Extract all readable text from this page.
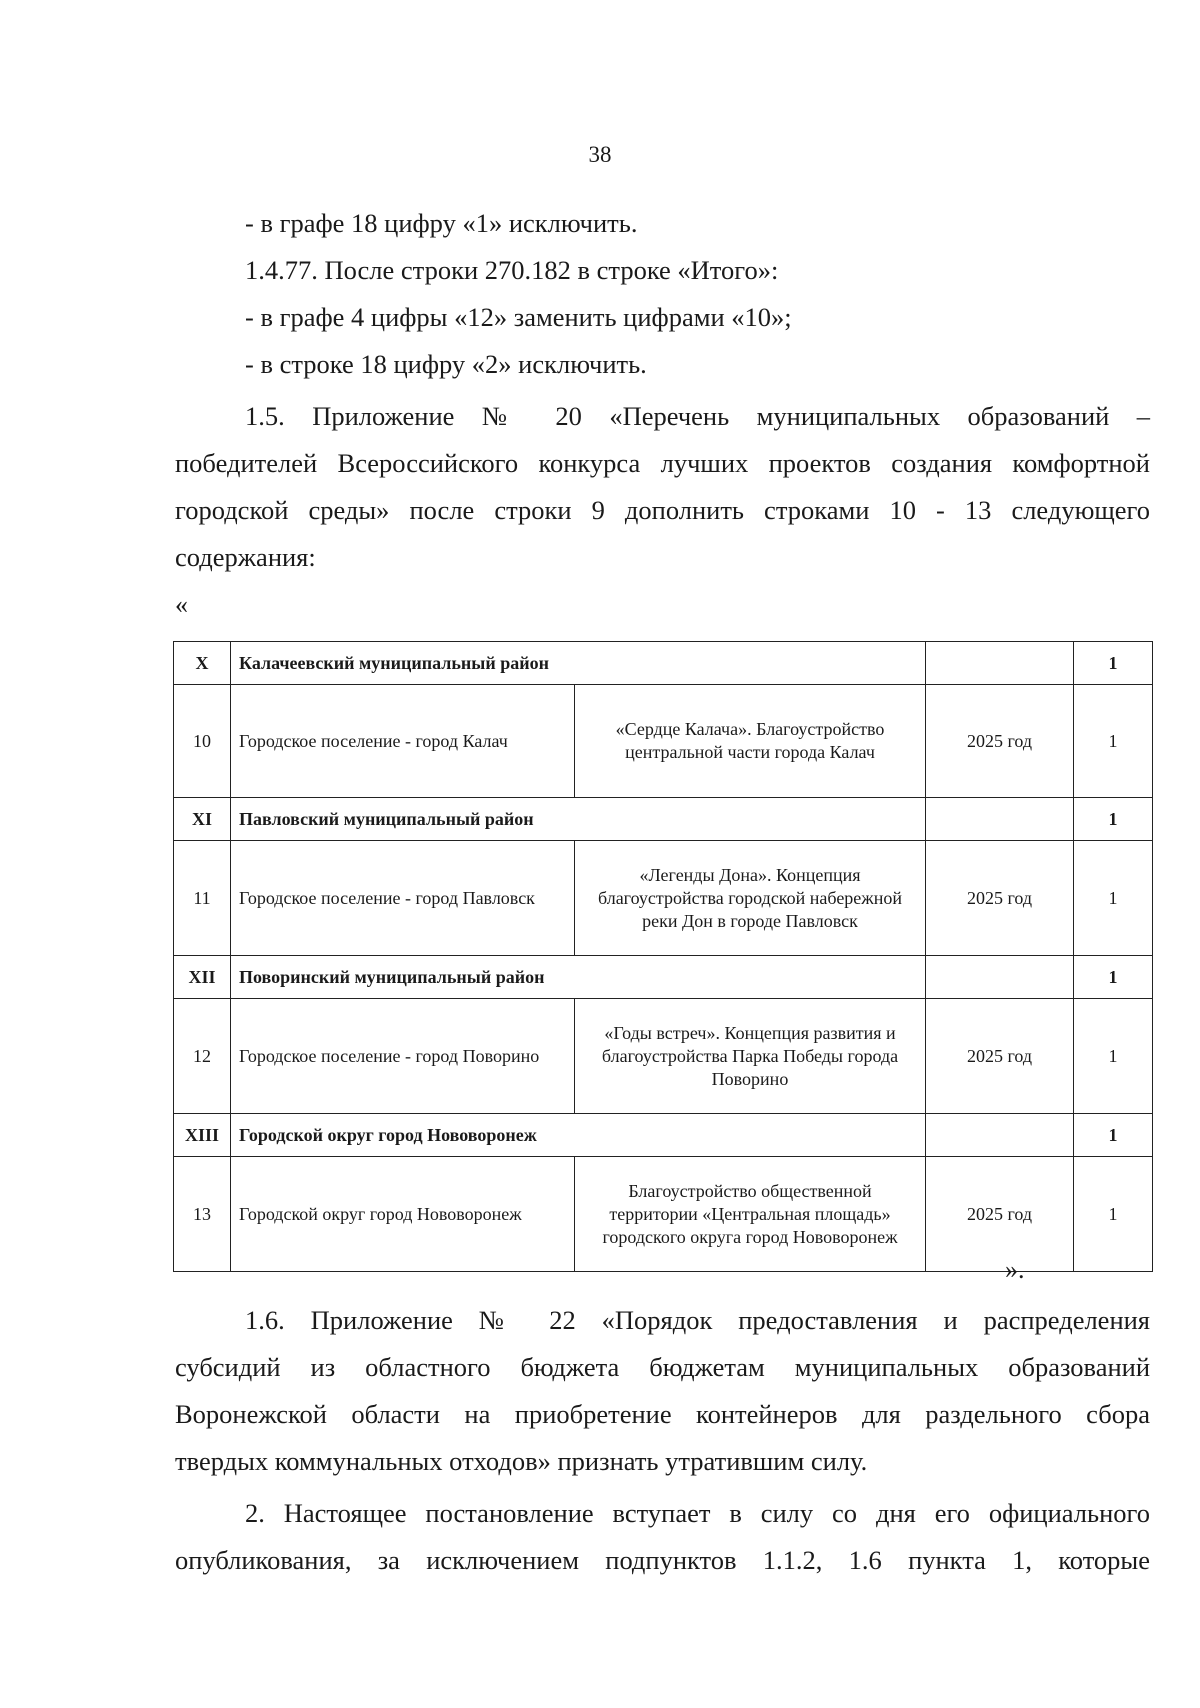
38
- в графе 18 цифру «1» исключить.
1.4.77. После строки 270.182 в строке «Итого»:
- в графе 4 цифры «12» заменить цифрами «10»;
- в строке 18 цифру «2» исключить.
1.5. Приложение № 20 «Перечень муниципальных образований –
победителей Всероссийского конкурса лучших проектов создания комфортной
городской среды» после строки 9 дополнить строками 10 - 13 следующего
содержания:
«
X	Калачеевский муниципальный район			1
10	Городское поселение - город Калач	«Сердце Калача». Благоустройство центральной части города Калач	2025 год	1
XI	Павловский муниципальный район			1
11	Городское поселение - город Павловск	«Легенды Дона». Концепция благоустройства городской набережной реки Дон в городе Павловск	2025 год	1
XII	Поворинский муниципальный район			1
12	Городское поселение - город Поворино	«Годы встреч». Концепция развития и благоустройства Парка Победы города Поворино	2025 год	1
XIII	Городской округ город Нововоронеж			1
13	Городской округ город Нововоронеж	Благоустройство общественной территории «Центральная площадь» городского округа город Нововоронеж	2025 год	1
».
1.6. Приложение № 22 «Порядок предоставления и распределения
субсидий из областного бюджета бюджетам муниципальных образований
Воронежской области на приобретение контейнеров для раздельного сбора
твердых коммунальных отходов» признать утратившим силу.
2. Настоящее постановление вступает в силу со дня его официального
опубликования, за исключением подпунктов 1.1.2, 1.6 пункта 1, которые
